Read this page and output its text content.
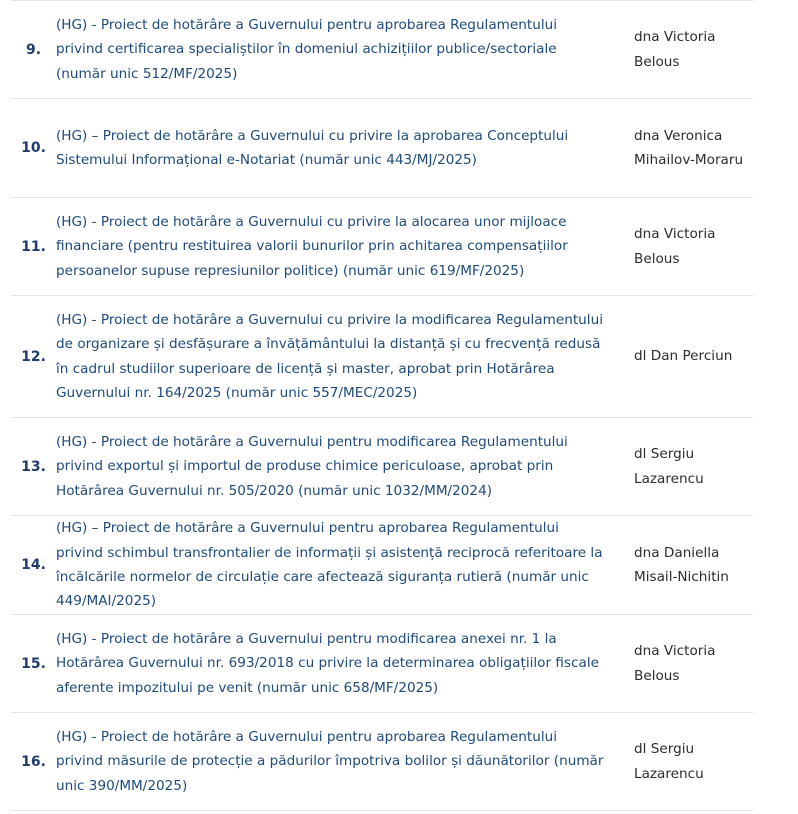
9.
(HG) - Proiect de hotărâre a Guvernului pentru aprobarea Regulamentului privind certificarea specialiștilor în domeniul achizițiilor publice/sectoriale (număr unic 512/MF/2025)
dna Victoria Belous
10.
(HG) – Proiect de hotărâre a Guvernului cu privire la aprobarea Conceptului Sistemului Informațional e-Notariat (număr unic 443/MJ/2025)
dna Veronica Mihailov-Moraru
11.
(HG) - Proiect de hotărâre a Guvernului cu privire la alocarea unor mijloace financiare (pentru restituirea valorii bunurilor prin achitarea compensațiilor persoanelor supuse represiunilor politice) (număr unic 619/MF/2025)
dna Victoria Belous
12.
(HG) - Proiect de hotărâre a Guvernului cu privire la modificarea Regulamentului de organizare și desfășurare a învățământului la distanță și cu frecvență redusă în cadrul studiilor superioare de licență și master, aprobat prin Hotărârea Guvernului nr. 164/2025 (număr unic 557/MEC/2025)
dl Dan Perciun
13.
(HG) - Proiect de hotărâre a Guvernului pentru modificarea Regulamentului privind exportul și importul de produse chimice periculoase, aprobat prin Hotărârea Guvernului nr. 505/2020 (număr unic 1032/MM/2024)
dl Sergiu Lazarencu
14.
(HG) – Proiect de hotărâre a Guvernului pentru aprobarea Regulamentului privind schimbul transfrontalier de informații și asistență reciprocă referitoare la încălcările normelor de circulație care afectează siguranța rutieră (număr unic 449/MAI/2025)
dna Daniella Misail-Nichitin
15.
(HG) - Proiect de hotărâre a Guvernului pentru modificarea anexei nr. 1 la Hotărârea Guvernului nr. 693/2018 cu privire la determinarea obligațiilor fiscale aferente impozitului pe venit (număr unic 658/MF/2025)
dna Victoria Belous
16.
(HG) - Proiect de hotărâre a Guvernului pentru aprobarea Regulamentului privind măsurile de protecție a pădurilor împotriva bolilor și dăunătorilor (număr unic 390/MM/2025)
dl Sergiu Lazarencu
